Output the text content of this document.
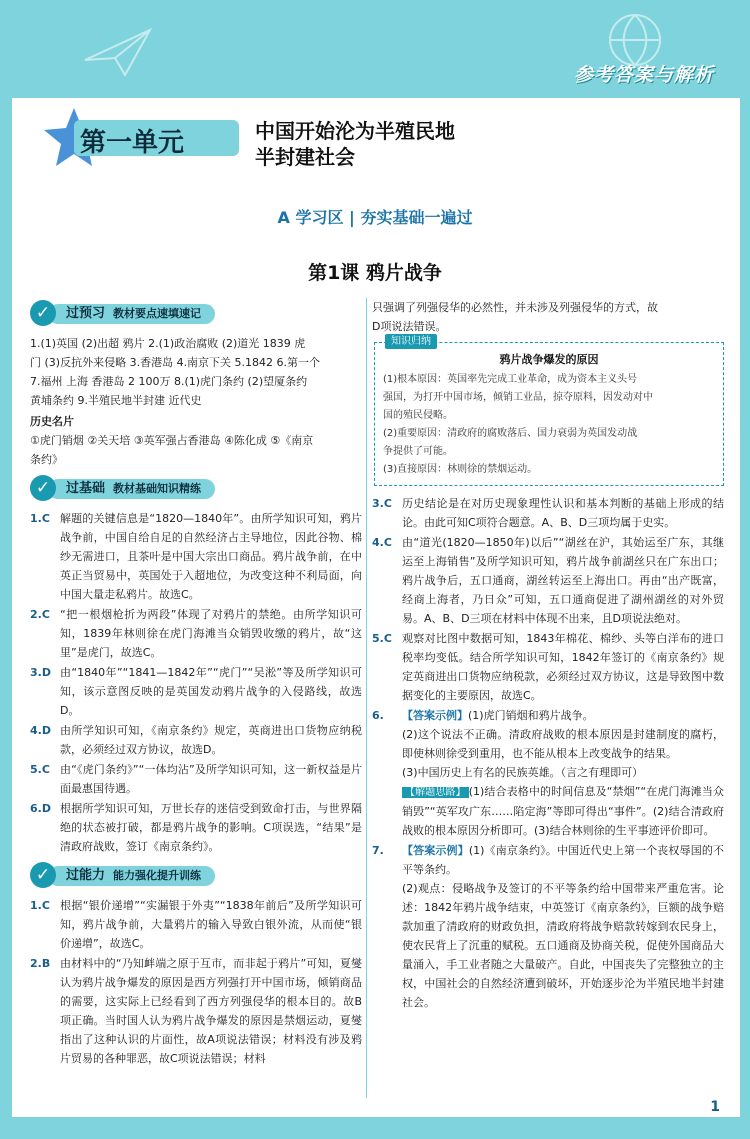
参考答案与解析
第一单元	中国开始沦为半殖民地
半封建社会
A 学习区 | 夯实基础一遍过
第1课 鸦片战争
过预习 教材要点速填速记
✓

1.(1)英国 (2)出超 鸦片 2.(1)政治腐败 (2)道光 1839 虎

门 (3)反抗外来侵略 3.香港岛 4.南京下关 5.1842 6.第一个

7.福州 上海 香港岛 2 100万 8.(1)虎门条约 (2)望厦条约

黄埔条约 9.半殖民地半封建 近代史

历史名片

①虎门销烟 ②关天培 ③英军强占香港岛 ④陈化成 ⑤《南京

条约》

过基础 教材基础知识精练
✓
1.C 解题的关键信息是“1820—1840年”。由所学知识可知，鸦片战争前，中国自给自足的自然经济占主导地位，因此谷物、棉纱无需进口，且茶叶是中国大宗出口商品。鸦片战争前，在中英正当贸易中，英国处于入超地位，为改变这种不利局面，向中国大量走私鸦片。故选C。
2.C “把一根烟枪折为两段”体现了对鸦片的禁绝。由所学知识可知，1839年林则徐在虎门海滩当众销毁收缴的鸦片，故“这里”是虎门，故选C。
3.D 由“1840年”“1841—1842年”“虎门”“吴淞”等及所学知识可知，该示意图反映的是英国发动鸦片战争的入侵路线，故选D。
4.D 由所学知识可知，《南京条约》规定，英商进出口货物应纳税款，必须经过双方协议，故选D。
5.C 由“《虎门条约》”“一体均沾”及所学知识可知，这一新权益是片面最惠国待遇。
6.D 根据所学知识可知，万世长存的迷信受到致命打击，与世界隔绝的状态被打破，都是鸦片战争的影响。C项误选，“结果”是清政府战败，签订《南京条约》。
过能力 能力强化提升训练
✓
1.C 根据“银价递增”“实漏银于外夷”“1838年前后”及所学知识可知，鸦片战争前，大量鸦片的输入导致白银外流，从而使“银价递增”，故选C。
2.B 由材料中的“乃知衅端之原于互市，而非起于鸦片”可知，夏燮认为鸦片战争爆发的原因是西方列强打开中国市场，倾销商品的需要，这实际上已经看到了西方列强侵华的根本目的。故B项正确。当时国人认为鸦片战争爆发的原因是禁烟运动，夏燮指出了这种认识的片面性，故A项说法错误；材料没有涉及鸦片贸易的各种罪恶，故C项说法错误；材料

只强调了列强侵华的必然性，并未涉及列强侵华的方式，故

D项说法错误。

知识归纳
鸦片战争爆发的原因

(1)根本原因：英国率先完成工业革命，成为资本主义头号

强国，为打开中国市场，倾销工业品，掠夺原料，因发动对中

国的殖民侵略。

(2)重要原因：清政府的腐败落后、国力衰弱为英国发动战

争提供了可能。

(3)直接原因：林则徐的禁烟运动。

3.C 历史结论是在对历史现象理性认识和基本判断的基础上形成的结论。由此可知C项符合题意。A、B、D三项均属于史实。
4.C 由“道光(1820—1850年)以后”“湖丝在沪，其始运至广东，其继运至上海销售”及所学知识可知，鸦片战争前湖丝只在广东出口；鸦片战争后，五口通商，湖丝转运至上海出口。再由“出产既富，经商上海者，乃日众”可知，五口通商促进了湖州湖丝的对外贸易。A、B、D三项在材料中体现不出来，且D项说法绝对。
5.C 观察对比图中数据可知，1843年棉花、棉纱、头等白洋布的进口税率均变低。结合所学知识可知，1842年签订的《南京条约》规定英商进出口货物应纳税款，必须经过双方协议，这是导致图中数据变化的主要原因，故选C。
6.	【答案示例】(1)虎门销烟和鸦片战争。
(2)这个说法不正确。清政府战败的根本原因是封建制度的腐朽，即使林则徐受到重用，也不能从根本上改变战争的结果。
(3)中国历史上有名的民族英雄。（言之有理即可）
【解题思路】 (1)结合表格中的时间信息及“禁烟”“在虎门海滩当众销毁”“英军攻广东……陷定海”等即可得出“事件”。(2)结合清政府战败的根本原因分析即可。(3)结合林则徐的生平事迹评价即可。
7.	【答案示例】(1)《南京条约》。中国近代史上第一个丧权辱国的不平等条约。
(2)观点：侵略战争及签订的不平等条约给中国带来严重危害。论述：1842年鸦片战争结束，中英签订《南京条约》，巨额的战争赔款加重了清政府的财政负担，清政府将战争赔款转嫁到农民身上，使农民背上了沉重的赋税。五口通商及协商关税，促使外国商品大量涌入，手工业者随之大量破产。自此，中国丧失了完整独立的主权，中国社会的自然经济遭到破坏，开始逐步沦为半殖民地半封建社会。
1
